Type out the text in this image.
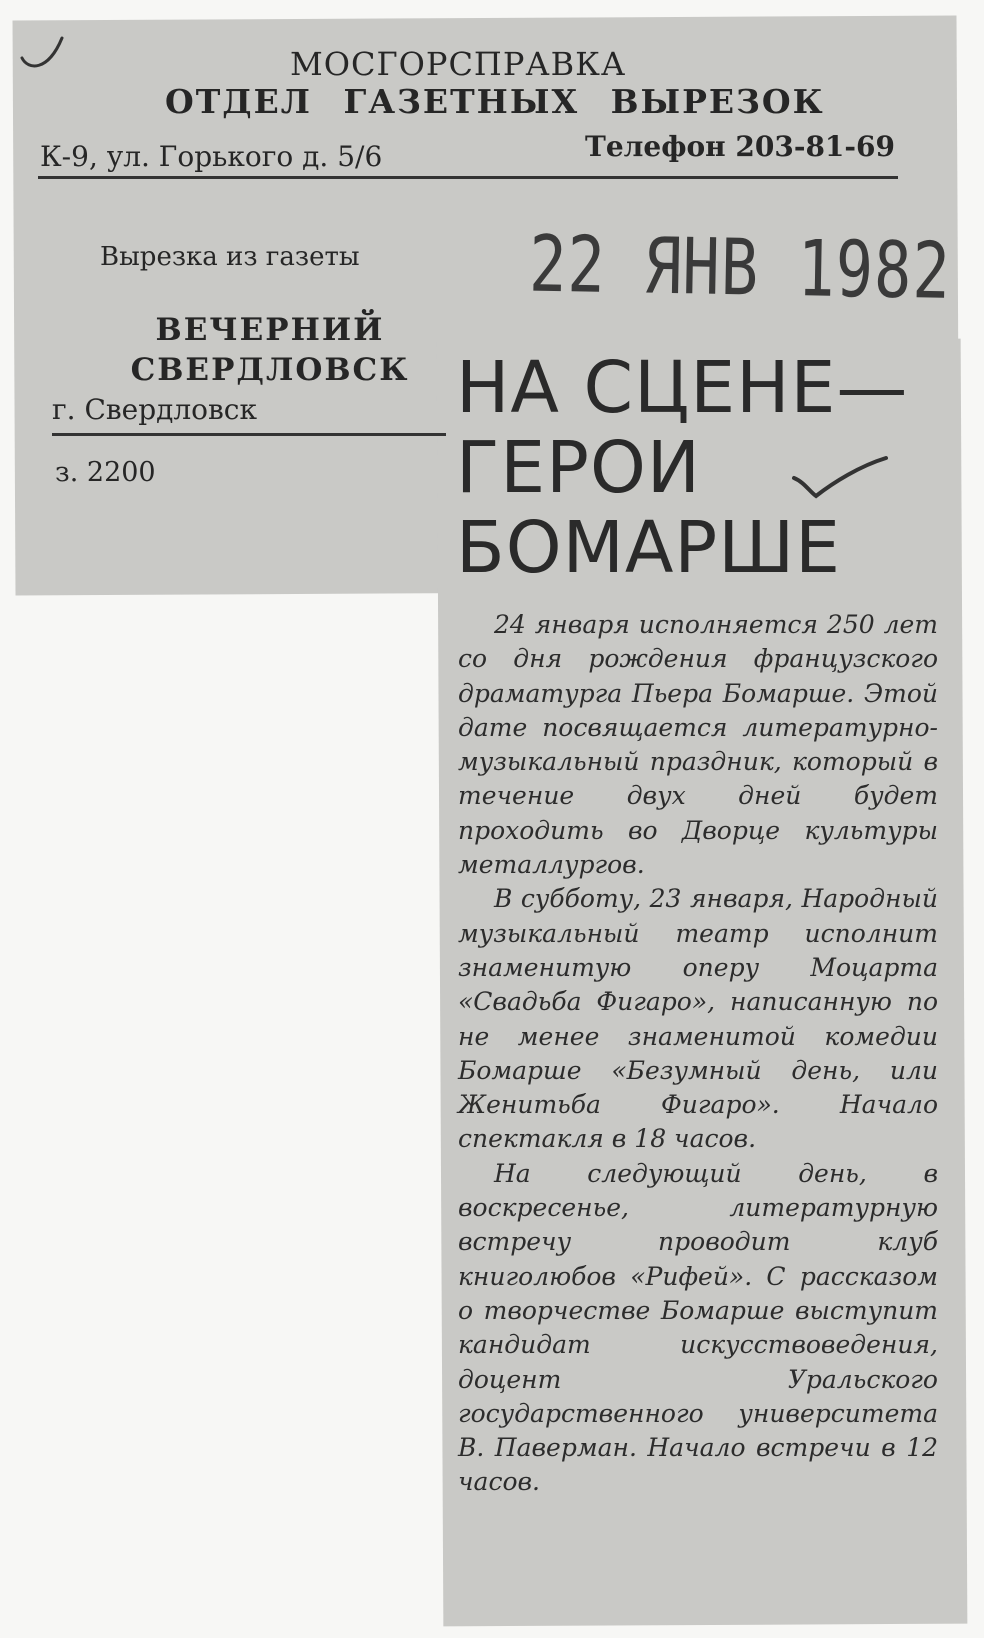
МОСГОРСПРАВКА
ОТДЕЛ ГАЗЕТНЫХ ВЫРЕЗОК
К-9, ул. Горького д. 5/6	Телефон 203-81-69
Вырезка из газеты
ВЕЧЕРНИЙ
СВЕРДЛОВСК
г. Свердловск
з. 2200
22 ЯНВ 1982
НА СЦЕНЕ—
ГЕРОИ
БОМАРШЕ

24 января исполняется 250 лет со дня рождения французского драматурга Пьера Бомарше. Этой дате посвящается литературно-музыкальный праздник, который в течение двух дней будет проходить во Дворце культуры металлургов.

В субботу, 23 января, Народный музыкальный театр исполнит знаменитую оперу Моцарта «Свадьба Фигаро», написанную по не менее знаменитой комедии Бомарше «Безумный день, или Женитьба Фигаро». Начало спектакля в 18 часов.

На следующий день, в воскресенье, литературную встречу проводит клуб книголюбов «Рифей». С рассказом о творчестве Бомарше выступит кандидат искусствоведения, доцент Уральского государственного университета В. Паверман. Начало встречи в 12 часов.
